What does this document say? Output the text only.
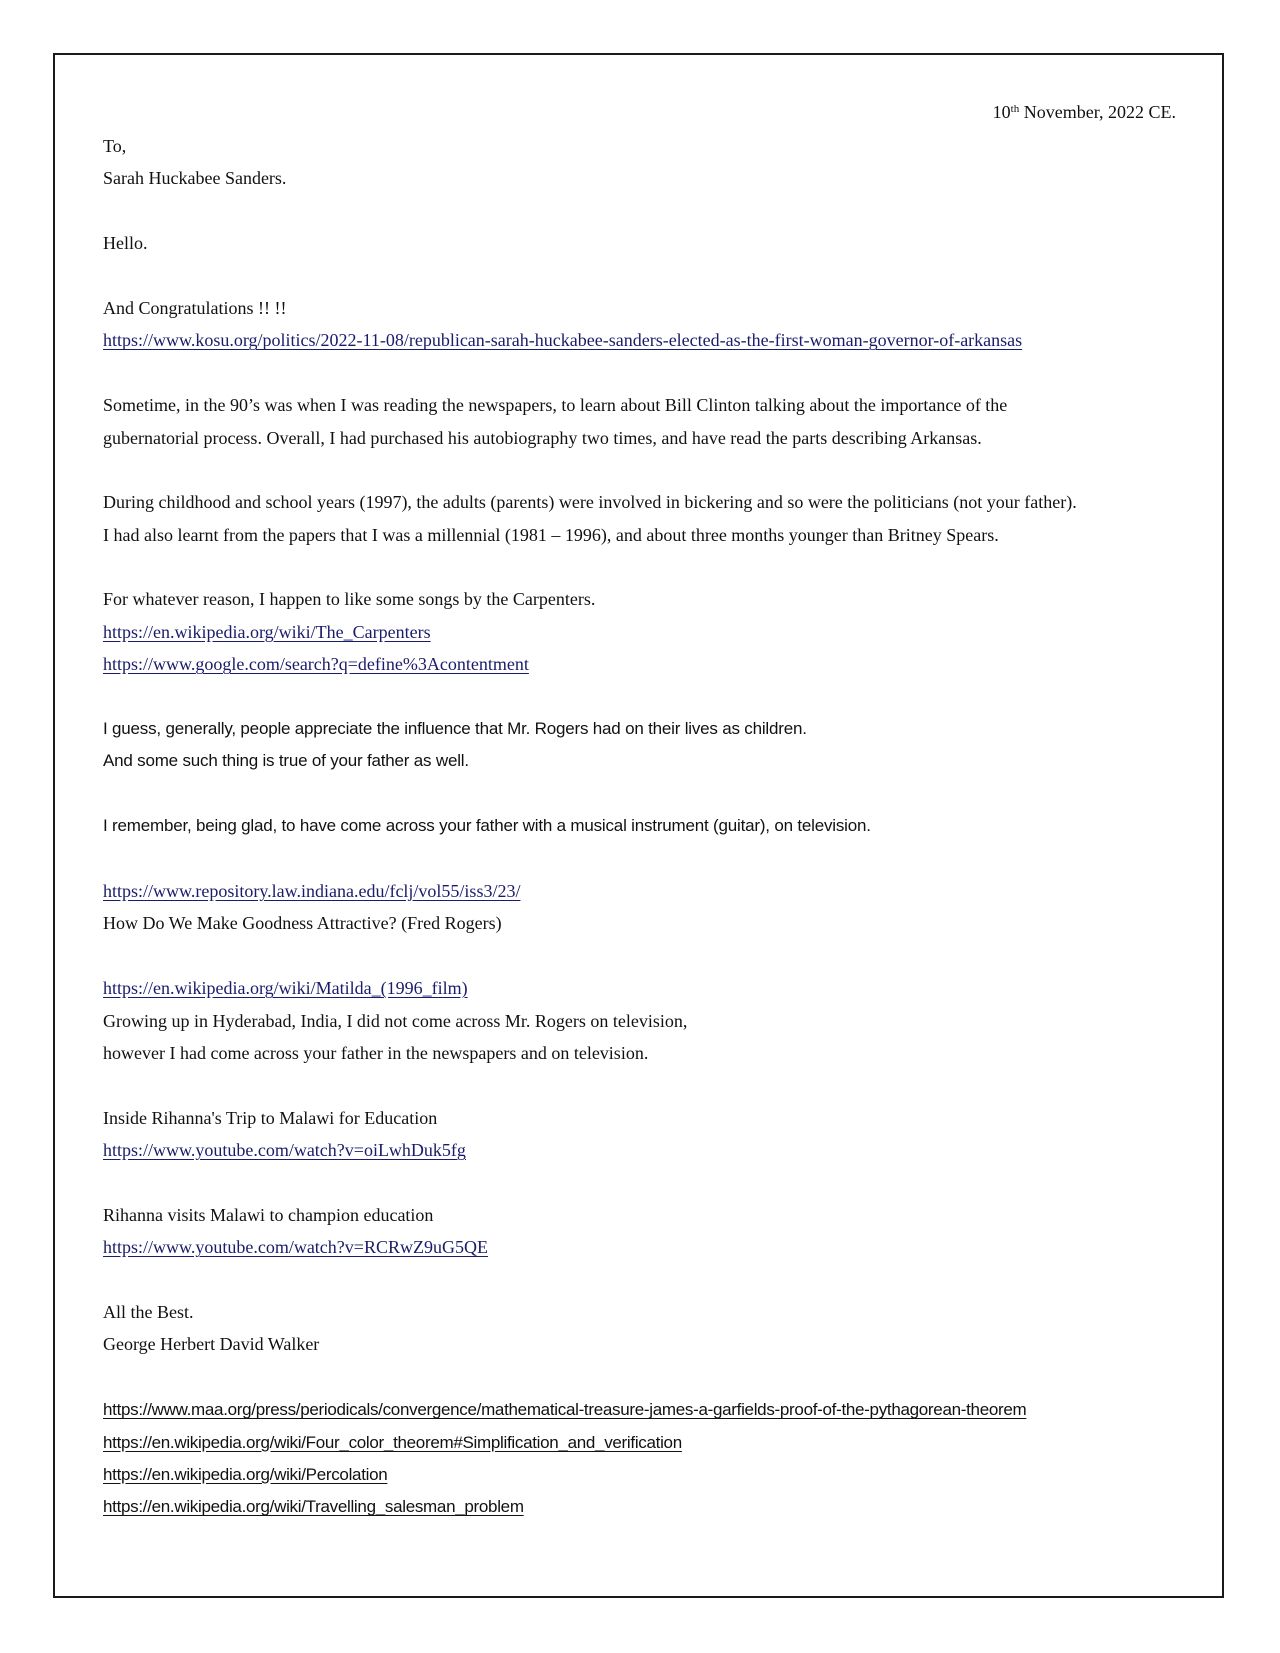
10th November, 2022 CE.
To,
Sarah Huckabee Sanders.
Hello.
And Congratulations !! !!
https://www.kosu.org/politics/2022-11-08/republican-sarah-huckabee-sanders-elected-as-the-first-woman-governor-of-arkansas
Sometime, in the 90’s was when I was reading the newspapers, to learn about Bill Clinton talking about the importance of the
gubernatorial process. Overall, I had purchased his autobiography two times, and have read the parts describing Arkansas.
During childhood and school years (1997), the adults (parents) were involved in bickering and so were the politicians (not your father).
I had also learnt from the papers that I was a millennial (1981 – 1996), and about three months younger than Britney Spears.
For whatever reason, I happen to like some songs by the Carpenters.
https://en.wikipedia.org/wiki/The_Carpenters
https://www.google.com/search?q=define%3Acontentment
I guess, generally, people appreciate the influence that Mr. Rogers had on their lives as children.
And some such thing is true of your father as well.
I remember, being glad, to have come across your father with a musical instrument (guitar), on television.
https://www.repository.law.indiana.edu/fclj/vol55/iss3/23/
How Do We Make Goodness Attractive? (Fred Rogers)
https://en.wikipedia.org/wiki/Matilda_(1996_film)
Growing up in Hyderabad, India, I did not come across Mr. Rogers on television,
however I had come across your father in the newspapers and on television.
Inside Rihanna's Trip to Malawi for Education
https://www.youtube.com/watch?v=oiLwhDuk5fg
Rihanna visits Malawi to champion education
https://www.youtube.com/watch?v=RCRwZ9uG5QE
All the Best.
George Herbert David Walker
https://www.maa.org/press/periodicals/convergence/mathematical-treasure-james-a-garfields-proof-of-the-pythagorean-theorem
https://en.wikipedia.org/wiki/Four_color_theorem#Simplification_and_verification
https://en.wikipedia.org/wiki/Percolation
https://en.wikipedia.org/wiki/Travelling_salesman_problem
